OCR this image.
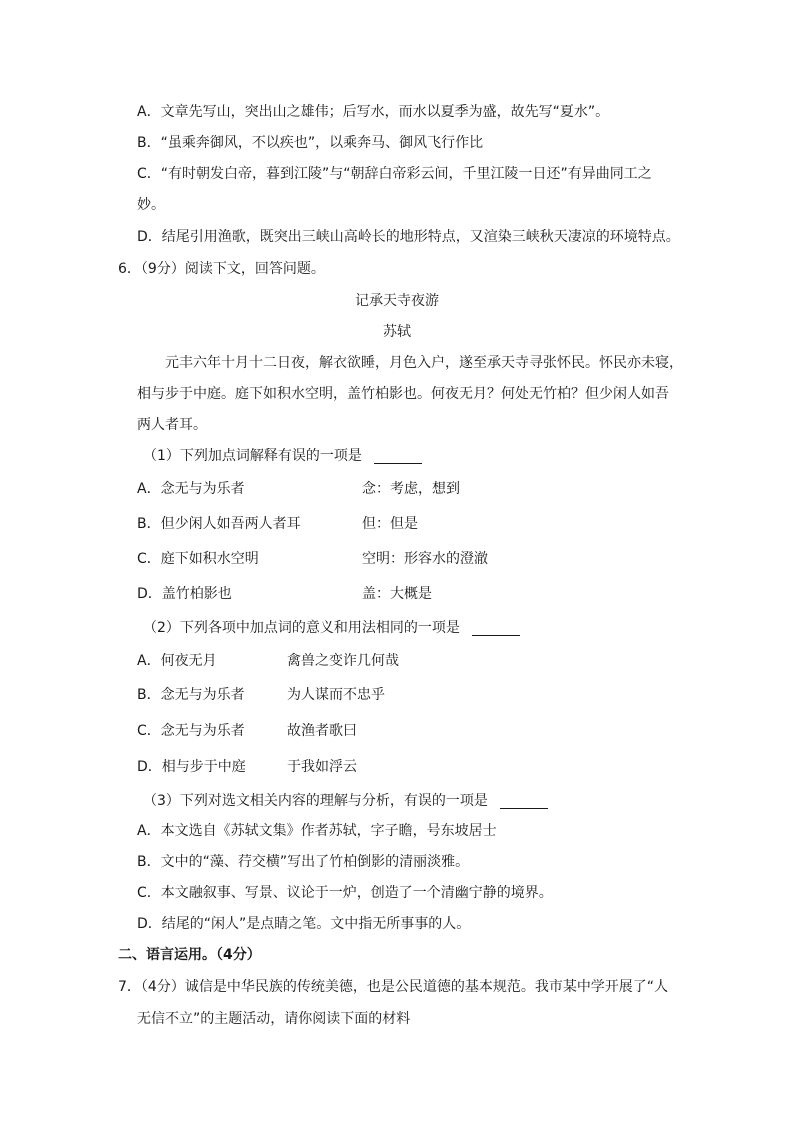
A．文章先写山，突出山之雄伟；后写水，而水以夏季为盛，故先写“夏水”。
B．“虽乘奔御风，不以疾也”，以乘奔马、御风飞行作比
C．“有时朝发白帝，暮到江陵”与“朝辞白帝彩云间，千里江陵一日还”有异曲同工之
妙。
D．结尾引用渔歌，既突出三峡山高岭长的地形特点，又渲染三峡秋天凄凉的环境特点。
6．（9分）阅读下文，回答问题。
记承天寺夜游
苏轼
元丰六年十月十二日夜，解衣欲睡，月色入户，遂至承天寺寻张怀民。怀民亦未寝，
相与步于中庭。庭下如积水空明，盖竹柏影也。何夜无月？何处无竹柏？但少闲人如吾
两人者耳。
（1）下列加点词解释有误的一项是
A．念无与为乐者	念：考虑，想到
B．但少闲人如吾两人者耳	但：但是
C．庭下如积水空明	空明：形容水的澄澈
D．盖竹柏影也	盖：大概是
（2）下列各项中加点词的意义和用法相同的一项是
A．何夜无月	禽兽之变诈几何哉
B．念无与为乐者	为人谋而不忠乎
C．念无与为乐者	故渔者歌曰
D．相与步于中庭	于我如浮云
（3）下列对选文相关内容的理解与分析，有误的一项是
A．本文选自《苏轼文集》作者苏轼，字子瞻，号东坡居士
B．文中的“藻、荇交横”写出了竹柏倒影的清丽淡雅。
C．本文融叙事、写景、议论于一炉，创造了一个清幽宁静的境界。
D．结尾的“闲人”是点睛之笔。文中指无所事事的人。
二、语言运用。（4分）
7．（4分）诚信是中华民族的传统美德，也是公民道德的基本规范。我市某中学开展了“人
无信不立”的主题活动，请你阅读下面的材料
